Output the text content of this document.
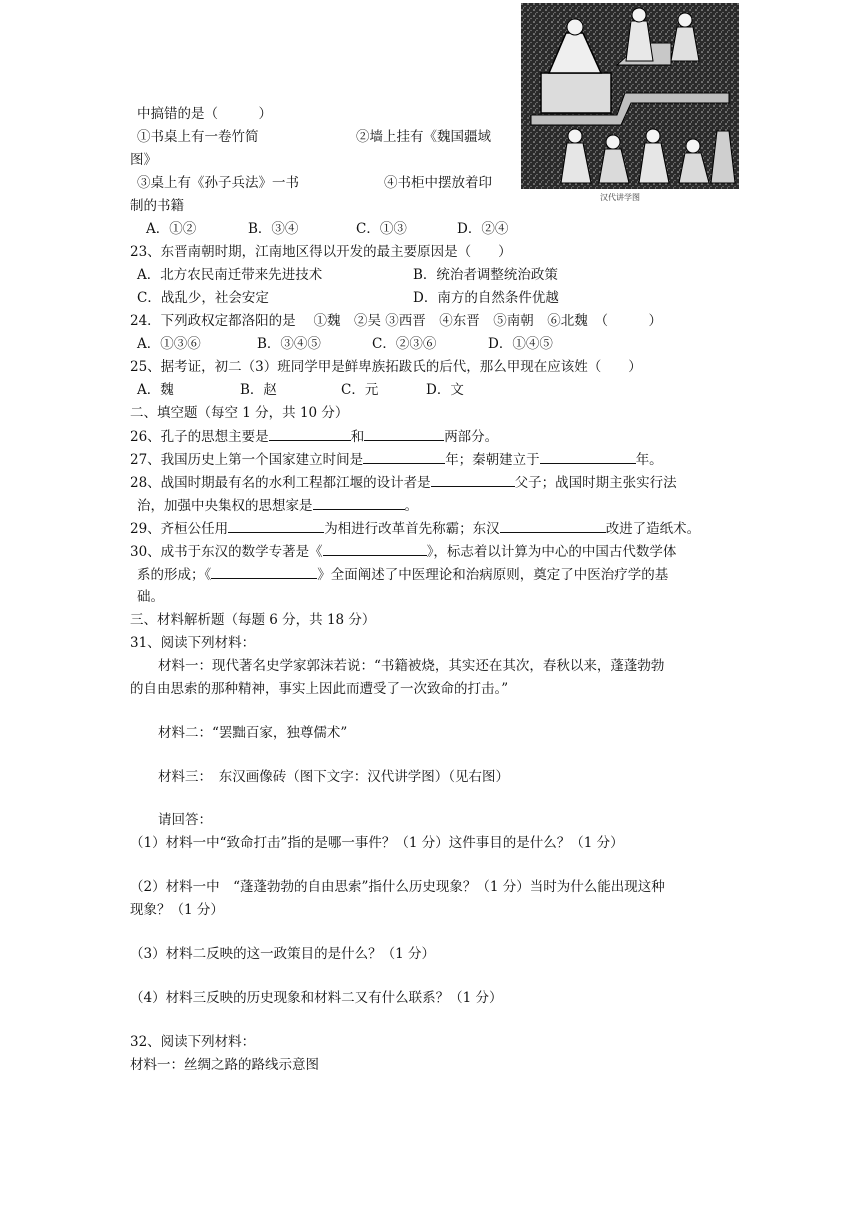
汉代讲学图
中搞错的是（　　　）
①书桌上有一卷竹简	②墙上挂有《魏国疆域
图》
③桌上有《孙子兵法》一书	④书柜中摆放着印
制的书籍
A．①②	B．③④	C．①③	D．②④
23、东晋南朝时期，江南地区得以开发的最主要原因是（　　）
A．北方农民南迁带来先进技术	B．统治者调整统治政策
C．战乱少，社会安定	D．南方的自然条件优越
24．下列政权定都洛阳的是　 ①魏　②吴 ③西晋　④东晋　⑤南朝　⑥北魏　（　　　）
A．①③⑥	B．③④⑤	C．②③⑥	D．①④⑤
25、据考证，初二（3）班同学甲是鲜卑族拓跋氏的后代，那么甲现在应该姓（　　）
A．魏	B．赵	C．元	D．文
二、填空题（每空 1 分，共 10 分）
26、孔子的思想主要是	和	两部分。
27、我国历史上第一个国家建立时间是	年；秦朝建立于	年。
28、战国时期最有名的水利工程都江堰的设计者是	父子；战国时期主张实行法
治，加强中央集权的思想家是	。
29、齐桓公任用	为相进行改革首先称霸；东汉	改进了造纸术。
30、成书于东汉的数学专著是《	》，标志着以计算为中心的中国古代数学体
系的形成；《	》全面阐述了中医理论和治病原则，奠定了中医治疗学的基
础。
三、材料解析题（每题 6 分，共 18 分）
31、阅读下列材料：
材料一：现代著名史学家郭沫若说：“书籍被烧，其实还在其次，春秋以来，蓬蓬勃勃
的自由思索的那种精神，事实上因此而遭受了一次致命的打击。”
材料二：“罢黜百家，独尊儒术”
材料三：　东汉画像砖（图下文字：汉代讲学图）（见右图）
请回答：
（1）材料一中“致命打击”指的是哪一事件？（1 分）这件事目的是什么？（1 分）
（2）材料一中　“蓬蓬勃勃的自由思索”指什么历史现象？（1 分）当时为什么能出现这种
现象？（1 分）
（3）材料二反映的这一政策目的是什么？（1 分）
（4）材料三反映的历史现象和材料二又有什么联系？（1 分）
32、阅读下列材料：
材料一：丝绸之路的路线示意图
